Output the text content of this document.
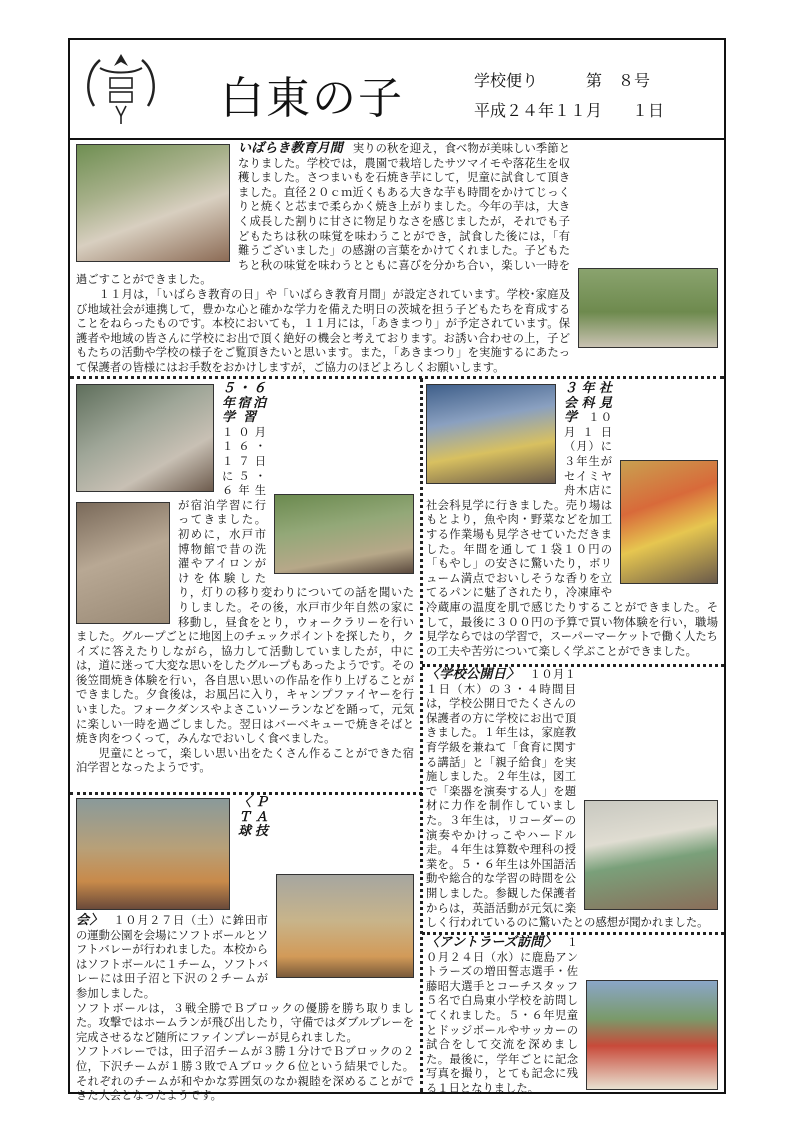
白東の子	学校便り	第　８号
平成２４年１１月 １日

いばらき教育月間 実りの秋を迎え，食べ物が美味しい季節となりました。学校では，農園で栽培したサツマイモや落花生を収穫しました。さつまいもを石焼き芋にして，児童に試食して頂きました。直径２０ｃｍ近くもある大きな芋も時間をかけてじっくりと焼くと芯まで柔らかく焼き上がりました。今年の芋は，大きく成長した割りに甘さに物足りなさを感じましたが，それでも子どもたちは秋の味覚を味わうことができ，試食した後には，「有難うございました」の感謝の言葉をかけてくれました。子どもたちと秋の味覚を味わうとともに喜びを分かち合い，楽しい一時を過ごすことができました。

１１月は，「いばらき教育の日」や「いばらき教育月間」が設定されています。学校･家庭及び地域社会が連携して，豊かな心と確かな学力を備えた明日の茨城を担う子どもたちを育成することをねらったものです。本校においても，１１月には，「あきまつり」が予定されています。保護者や地域の皆さんに学校にお出で頂く絶好の機会と考えております。お誘い合わせの上，子どもたちの活動や学校の様子をご覧頂きたいと思います。また，「あきまつり」を実施するにあたって保護者の皆様にはお手数をおかけしますが，ご協力のほどよろしくお願いします。

５・６年宿泊学習１０月１６・１７日に５・６年生が宿泊学習に行ってきました。初めに，水戸市博物館で昔の洗濯やアイロンがけを体験したり，灯りの移り変わりについての話を聞いたりしました。その後，水戸市少年自然の家に移動し，昼食をとり，ウォークラリーを行いました。グループごとに地図上のチェックポイントを探したり，クイズに答えたりしながら，協力して活動していましたが，中には，道に迷って大変な思いをしたグループもあったようです。その後笠間焼き体験を行い，各自思い思いの作品を作り上げることができました。夕食後は，お風呂に入り，キャンプファイヤーを行いました。フォークダンスやよさこいソーランなどを踊って，元気に楽しい一時を過ごしました。翌日はバーベキューで焼きそばと焼き肉をつくって，みんなでおいしく食べました。

児童にとって，楽しい思い出をたくさん作ることができた宿泊学習となったようです。

３年社会科見学 １０月１日（月）に３年生がセイミヤ舟木店に社会科見学に行きました。売り場はもとより，魚や肉・野菜などを加工する作業場も見学させていただきました。年間を通して１袋１０円の「もやし」の安さに驚いたり，ボリューム満点でおいしそうな香りを立てるパンに魅了されたり，冷凍庫や冷蔵庫の温度を肌で感じたりすることができました。そして，最後に３００円の予算で買い物体験を行い，職場見学ならではの学習で，スーパーマーケットで働く人たちの工夫や苦労について楽しく学ぶことができました。

〈学校公開日〉 １０月１１日（木）の３・４時間目は，学校公開日でたくさんの保護者の方に学校にお出で頂きました。１年生は，家庭教育学級を兼ねて「食育に関する講話」と「親子給食」を実施しました。２年生は，図工で「楽器を演奏する人」を題材に力作を制作していました。３年生は，リコーダーの演奏やかけっこやハードル走。４年生は算数や理科の授業を。５・６年生は外国語活動や総合的な学習の時間を公開しました。参観した保護者からは，英語活動が元気に楽しく行われているのに驚いたとの感想が聞かれました。

〈ＰＴＡ球技会〉 １０月２７日（土）に鉾田市の運動公園を会場にソフトボールとソフトバレーが行われました。本校からはソフトボールに１チーム，ソフトバレーには田子沼と下沢の２チームが参加しました。

ソフトボールは，３戦全勝でＢブロックの優勝を勝ち取りました。攻撃ではホームランが飛び出したり，守備ではダブルプレーを完成させるなど随所にファインプレーが見られました。

ソフトバレーでは，田子沼チームが３勝１分けでＢブロックの２位，下沢チームが１勝３敗でＡブロック６位という結果でした。それぞれのチームが和やかな雰囲気のなか親睦を深めることができた大会となったようです。

〈アントラーズ訪問〉 １０月２４日（水）に鹿島アントラーズの増田誓志選手・佐藤昭大選手とコーチスタッフ５名で白鳥東小学校を訪問してくれました。５・６年児童とドッジボールやサッカーの試合をして交流を深めました。最後に，学年ごとに記念写真を撮り，とても記念に残る１日となりました。
